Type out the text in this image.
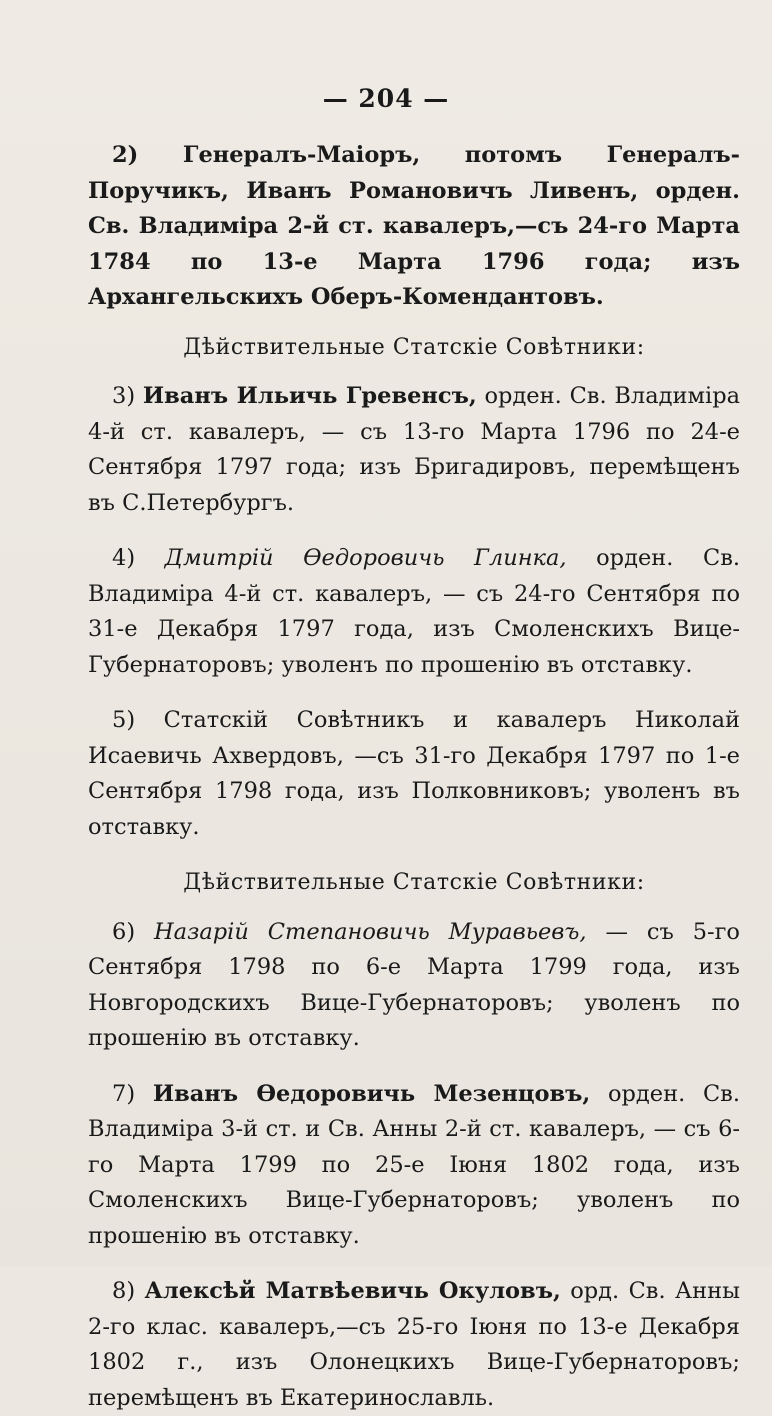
— 204 —

2) Генералъ-Маіоръ, потомъ Генералъ-Поручикъ, Иванъ Романовичъ Ливенъ, орден. Св. Владиміра 2-й ст. кавалеръ,—съ 24-го Марта 1784 по 13-е Марта 1796 года; изъ Архангельскихъ Оберъ-Комендантовъ.

Дѣйствительные Статскіе Совѣтники:

3) Иванъ Ильичь Гревенсъ, орден. Св. Владиміра 4-й ст. кавалеръ, — съ 13-го Марта 1796 по 24-е Сентября 1797 года; изъ Бригадировъ, перемѣщенъ въ С.Петербургъ.

4) Дмитрій Ѳедоровичь Глинка, орден. Св. Владиміра 4-й ст. кавалеръ, — съ 24-го Сентября по 31-е Декабря 1797 года, изъ Смоленскихъ Вице-Губернаторовъ; уволенъ по прошенію въ отставку.

5) Статскій Совѣтникъ и кавалеръ Николай Исаевичь Ахвердовъ, —съ 31-го Декабря 1797 по 1-е Сентября 1798 года, изъ Полковниковъ; уволенъ въ отставку.

Дѣйствительные Статскіе Совѣтники:

6) Назарій Степановичь Муравьевъ, — съ 5-го Сентября 1798 по 6-е Марта 1799 года, изъ Новгородскихъ Вице-Губернаторовъ; уволенъ по прошенію въ отставку.

7) Иванъ Ѳедоровичь Мезенцовъ, орден. Св. Владиміра 3-й ст. и Св. Анны 2-й ст. кавалеръ, — съ 6-го Марта 1799 по 25-е Іюня 1802 года, изъ Смоленскихъ Вице-Губернаторовъ; уволенъ по прошенію въ отставку.

8) Алексѣй Матвѣевичь Окуловъ, орд. Св. Анны 2-го клас. кавалеръ,—съ 25-го Іюня по 13-е Декабря 1802 г., изъ Олонецкихъ Вице-Губернаторовъ; перемѣщенъ въ Екатеринославль.
